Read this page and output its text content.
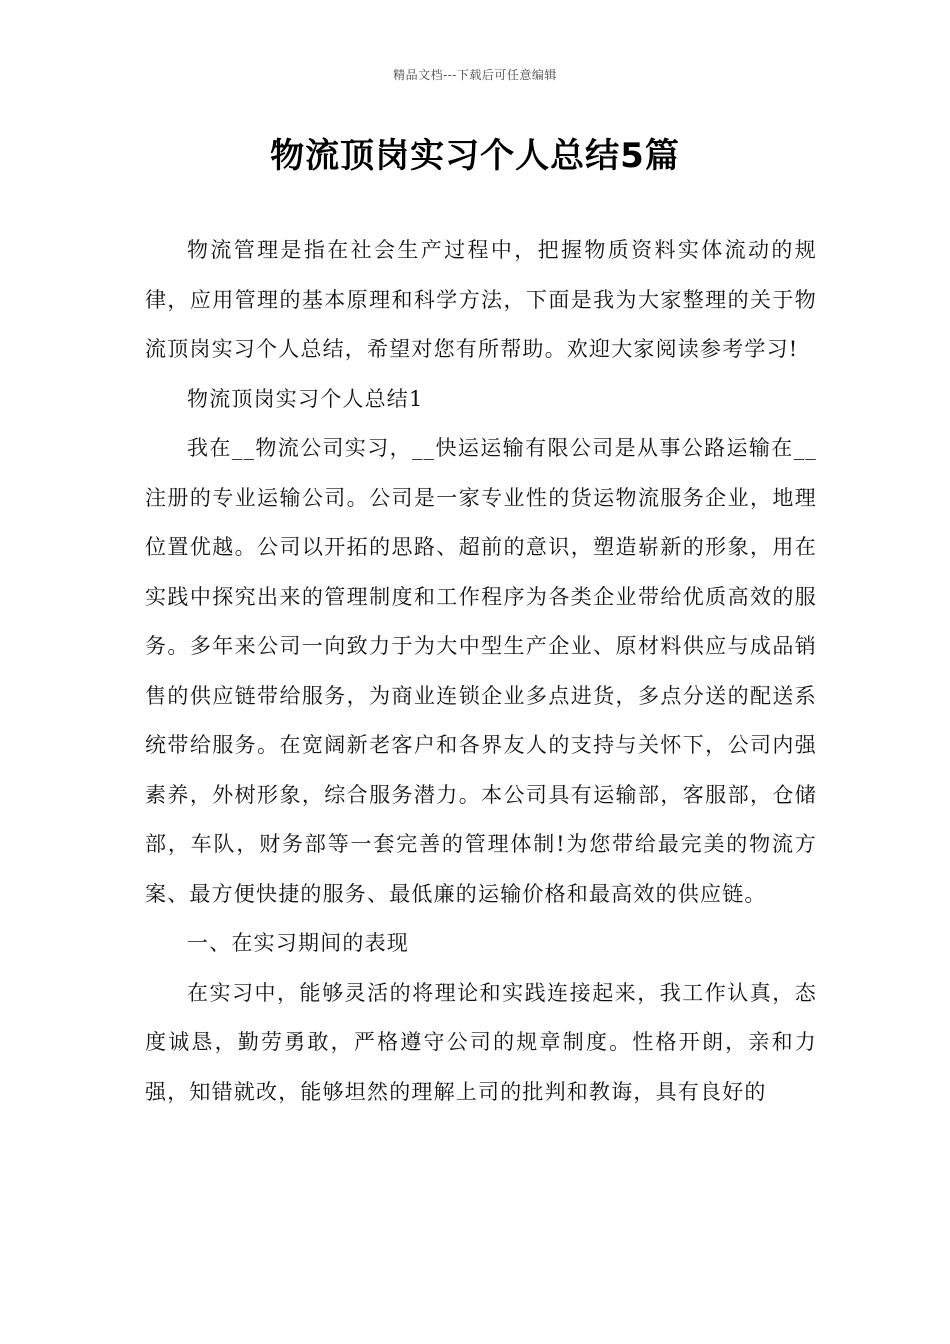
精品文档---下载后可任意编辑
物流顶岗实习个人总结5篇

物流管理是指在社会生产过程中，把握物质资料实体流动的规律，应用管理的基本原理和科学方法，下面是我为大家整理的关于物流顶岗实习个人总结，希望对您有所帮助。欢迎大家阅读参考学习!

物流顶岗实习个人总结1

我在__物流公司实习，__快运运输有限公司是从事公路运输在__注册的专业运输公司。公司是一家专业性的货运物流服务企业，地理位置优越。公司以开拓的思路、超前的意识，塑造崭新的形象，用在实践中探究出来的管理制度和工作程序为各类企业带给优质高效的服务。多年来公司一向致力于为大中型生产企业、原材料供应与成品销售的供应链带给服务，为商业连锁企业多点进货，多点分送的配送系统带给服务。在宽阔新老客户和各界友人的支持与关怀下，公司内强素养，外树形象，综合服务潜力。本公司具有运输部，客服部，仓储部，车队，财务部等一套完善的管理体制!为您带给最完美的物流方案、最方便快捷的服务、最低廉的运输价格和最高效的供应链。

一、在实习期间的表现

在实习中，能够灵活的将理论和实践连接起来，我工作认真，态度诚恳，勤劳勇敢，严格遵守公司的规章制度。性格开朗，亲和力强，知错就改，能够坦然的理解上司的批判和教诲，具有良好的
